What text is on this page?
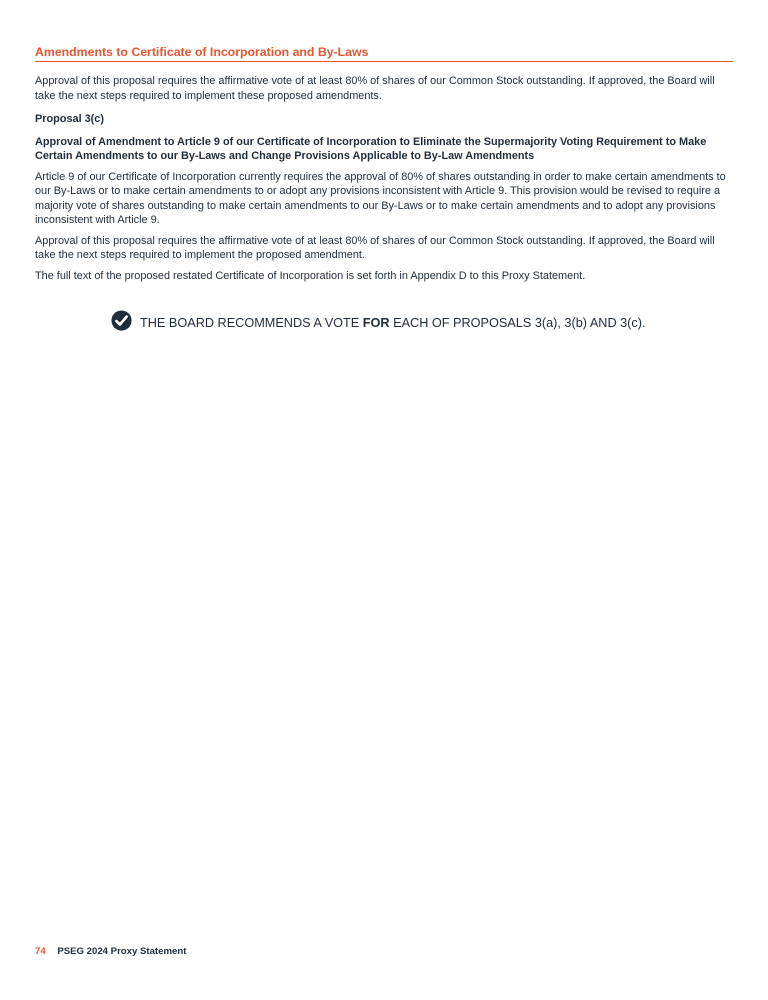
Amendments to Certificate of Incorporation and By-Laws

Approval of this proposal requires the affirmative vote of at least 80% of shares of our Common Stock outstanding. If approved, the Board will take the next steps required to implement these proposed amendments.

Proposal 3(c)

Approval of Amendment to Article 9 of our Certificate of Incorporation to Eliminate the Supermajority Voting Requirement to Make Certain Amendments to our By-Laws and Change Provisions Applicable to By-Law Amendments

Article 9 of our Certificate of Incorporation currently requires the approval of 80% of shares outstanding in order to make certain amendments to our By-Laws or to make certain amendments to or adopt any provisions inconsistent with Article 9. This provision would be revised to require a majority vote of shares outstanding to make certain amendments to our By-Laws or to make certain amendments and to adopt any provisions inconsistent with Article 9.

Approval of this proposal requires the affirmative vote of at least 80% of shares of our Common Stock outstanding. If approved, the Board will take the next steps required to implement the proposed amendment.

The full text of the proposed restated Certificate of Incorporation is set forth in Appendix D to this Proxy Statement.

THE BOARD RECOMMENDS A VOTE FOR EACH OF PROPOSALS 3(a), 3(b) AND 3(c).
74 PSEG 2024 Proxy Statement
